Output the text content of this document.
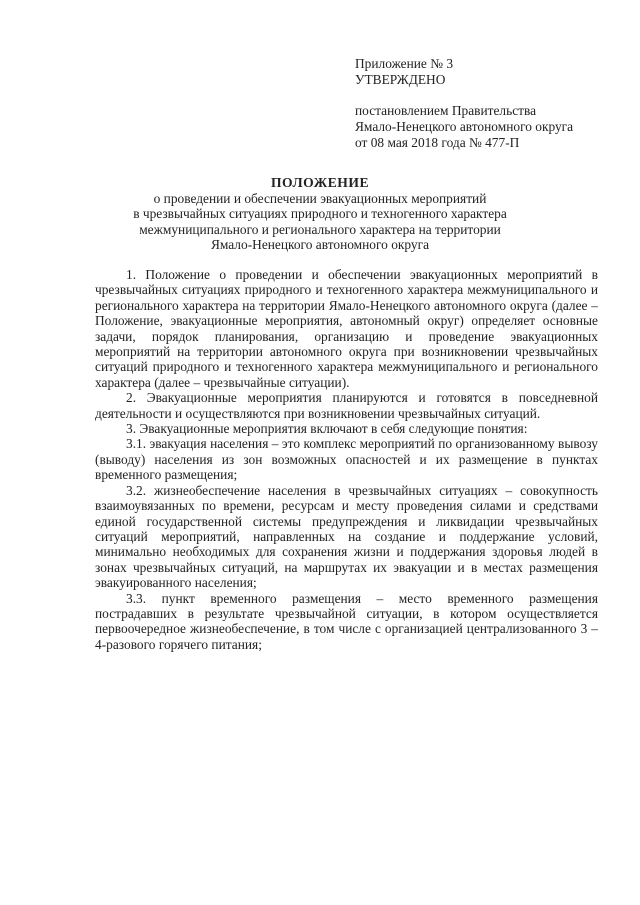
Приложение № 3
УТВЕРЖДЕНО
постановлением Правительства
Ямало-Ненецкого автономного округа
от 08 мая 2018 года № 477-П
ПОЛОЖЕНИЕ
о проведении и обеспечении эвакуационных мероприятий
в чрезвычайных ситуациях природного и техногенного характера
межмуниципального и регионального характера на территории
Ямало-Ненецкого автономного округа

1. Положение о проведении и обеспечении эвакуационных мероприятий в чрезвычайных ситуациях природного и техногенного характера межмуниципального и регионального характера на территории Ямало-Ненецкого автономного округа (далее – Положение, эвакуационные мероприятия, автономный округ) определяет основные задачи, порядок планирования, организацию и проведение эвакуационных мероприятий на территории автономного округа при возникновении чрезвычайных ситуаций природного и техногенного характера межмуниципального и регионального характера (далее – чрезвычайные ситуации).

2. Эвакуационные мероприятия планируются и готовятся в повседневной деятельности и осуществляются при возникновении чрезвычайных ситуаций.

3. Эвакуационные мероприятия включают в себя следующие понятия:

3.1. эвакуация населения – это комплекс мероприятий по организованному вывозу (выводу) населения из зон возможных опасностей и их размещение в пунктах временного размещения;

3.2. жизнеобеспечение населения в чрезвычайных ситуациях – совокупность взаимоувязанных по времени, ресурсам и месту проведения силами и средствами единой государственной системы предупреждения и ликвидации чрезвычайных ситуаций мероприятий, направленных на создание и поддержание условий, минимально необходимых для сохранения жизни и поддержания здоровья людей в зонах чрезвычайных ситуаций, на маршрутах их эвакуации и в местах размещения эвакуированного населения;

3.3. пункт временного размещения – место временного размещения пострадавших в результате чрезвычайной ситуации, в котором осуществляется первоочередное жизнеобеспечение, в том числе с организацией централизованного 3 – 4-разового горячего питания;
